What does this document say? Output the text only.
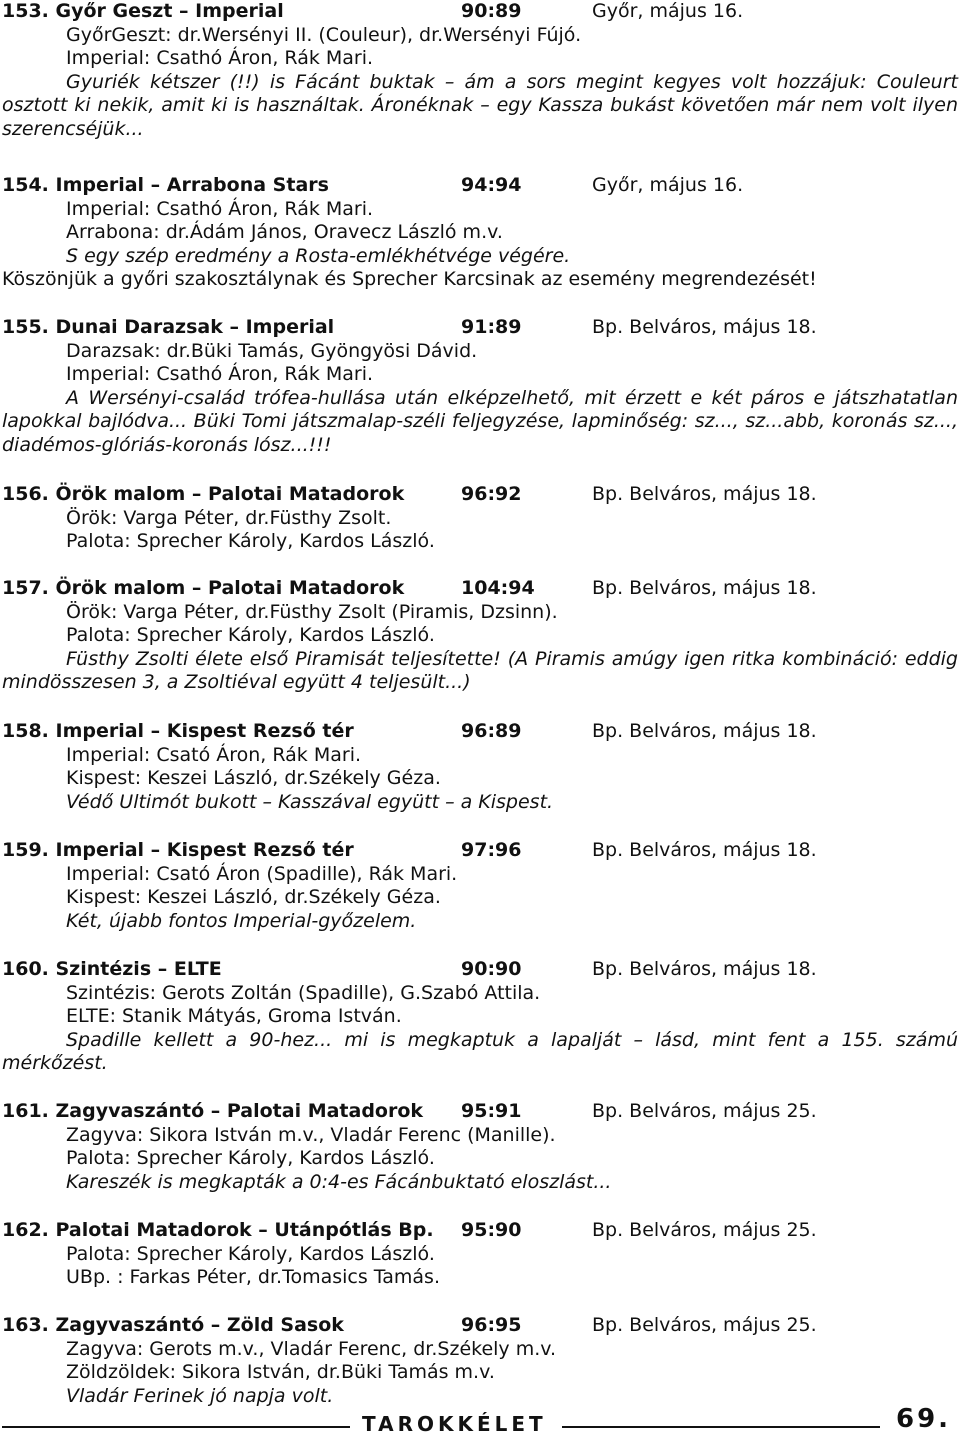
153. Győr Geszt – Imperial	90:89	Győr, május 16.
GyőrGeszt: dr.Wersényi II. (Couleur), dr.Wersényi Fújó.
Imperial: Csathó Áron, Rák Mari.
Gyuriék kétszer (!!) is Fácánt buktak – ám a sors megint kegyes volt hozzájuk: Couleurt osztott ki nekik, amit ki is használtak. Áronéknak – egy Kassza bukást követően már nem volt ilyen szerencséjük...
154. Imperial – Arrabona Stars	94:94	Győr, május 16.
Imperial: Csathó Áron, Rák Mari.
Arrabona: dr.Ádám János, Oravecz László m.v.
S egy szép eredmény a Rosta-emlékhétvége végére.
Köszönjük a győri szakosztálynak és Sprecher Karcsinak az esemény megrendezését!
155. Dunai Darazsak – Imperial	91:89	Bp. Belváros, május 18.
Darazsak: dr.Büki Tamás, Gyöngyösi Dávid.
Imperial: Csathó Áron, Rák Mari.
A Wersényi-család trófea-hullása után elképzelhető, mit érzett e két páros e játszhatatlan lapokkal bajlódva... Büki Tomi játszmalap-széli feljegyzése, lapminőség: sz..., sz...abb, koronás sz..., diadémos-glóriás-koronás lósz...!!!
156. Örök malom – Palotai Matadorok	96:92	Bp. Belváros, május 18.
Örök: Varga Péter, dr.Füsthy Zsolt.
Palota: Sprecher Károly, Kardos László.
157. Örök malom – Palotai Matadorok	104:94	Bp. Belváros, május 18.
Örök: Varga Péter, dr.Füsthy Zsolt (Piramis, Dzsinn).
Palota: Sprecher Károly, Kardos László.
Füsthy Zsolti élete első Piramisát teljesítette! (A Piramis amúgy igen ritka kombináció: eddig mindösszesen 3, a Zsoltiéval együtt 4 teljesült...)
158. Imperial – Kispest Rezső tér	96:89	Bp. Belváros, május 18.
Imperial: Csató Áron, Rák Mari.
Kispest: Keszei László, dr.Székely Géza.
Védő Ultimót bukott – Kasszával együtt – a Kispest.
159. Imperial – Kispest Rezső tér	97:96	Bp. Belváros, május 18.
Imperial: Csató Áron (Spadille), Rák Mari.
Kispest: Keszei László, dr.Székely Géza.
Két, újabb fontos Imperial-győzelem.
160. Szintézis – ELTE	90:90	Bp. Belváros, május 18.
Szintézis: Gerots Zoltán (Spadille), G.Szabó Attila.
ELTE: Stanik Mátyás, Groma István.
Spadille kellett a 90-hez... mi is megkaptuk a lapalját – lásd, mint fent a 155. számú mérkőzést.
161. Zagyvaszántó – Palotai Matadorok 95:91	Bp. Belváros, május 25.
Zagyva: Sikora István m.v., Vladár Ferenc (Manille).
Palota: Sprecher Károly, Kardos László.
Kareszék is megkapták a 0:4-es Fácánbuktató eloszlást...
162. Palotai Matadorok – Utánpótlás Bp. 95:90	Bp. Belváros, május 25.
Palota: Sprecher Károly, Kardos László.
UBp. : Farkas Péter, dr.Tomasics Tamás.
163. Zagyvaszántó – Zöld Sasok	96:95	Bp. Belváros, május 25.
Zagyva: Gerots m.v., Vladár Ferenc, dr.Székely m.v.
Zöldzöldek: Sikora István, dr.Büki Tamás m.v.
Vladár Ferinek jó napja volt.
TAROKKÉLET	69.
